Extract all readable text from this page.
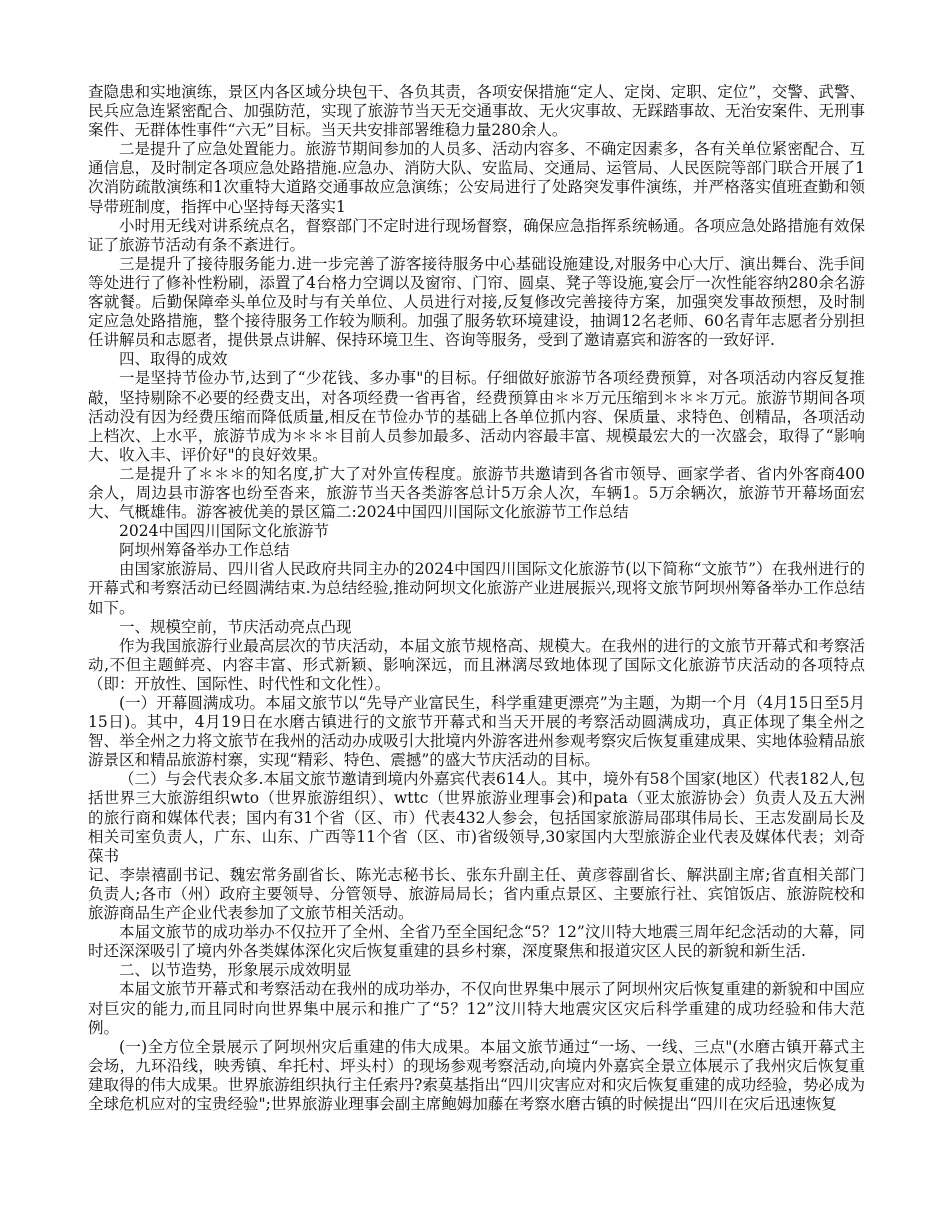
查隐患和实地演练，景区内各区域分块包干、各负其责，各项安保措施“定人、定岗、定职、定位”，交警、武警、民兵应急连紧密配合、加强防范，实现了旅游节当天无交通事故、无火灾事故、无踩踏事故、无治安案件、无刑事案件、无群体性事件“六无”目标。当天共安排部署维稳力量280余人。

二是提升了应急处置能力。旅游节期间参加的人员多、活动内容多、不确定因素多，各有关单位紧密配合、互通信息，及时制定各项应急处路措施.应急办、消防大队、安监局、交通局、运管局、人民医院等部门联合开展了1次消防疏散演练和1次重特大道路交通事故应急演练；公安局进行了处路突发事件演练，并严格落实值班查勤和领导带班制度，指挥中心坚持每天落实1

小时用无线对讲系统点名，督察部门不定时进行现场督察，确保应急指挥系统畅通。各项应急处路措施有效保证了旅游节活动有条不紊进行。

三是提升了接待服务能力.进一步完善了游客接待服务中心基础设施建设,对服务中心大厅、演出舞台、洗手间等处进行了修补性粉刷，添置了4台格力空调以及窗帘、门帘、圆桌、凳子等设施,宴会厅一次性能容纳280余名游客就餐。后勤保障牵头单位及时与有关单位、人员进行对接,反复修改完善接待方案，加强突发事故预想，及时制定应急处路措施，整个接待服务工作较为顺利。加强了服务软环境建设，抽调12名老师、60名青年志愿者分别担任讲解员和志愿者，提供景点讲解、保持环境卫生、咨询等服务，受到了邀请嘉宾和游客的一致好评.

四、取得的成效

一是坚持节俭办节,达到了“少花钱、多办事"的目标。仔细做好旅游节各项经费预算，对各项活动内容反复推敲，坚持剔除不必要的经费支出，对各项经费一省再省，经费预算由＊＊万元压缩到＊＊＊万元。旅游节期间各项活动没有因为经费压缩而降低质量,相反在节俭办节的基础上各单位抓内容、保质量、求特色、创精品，各项活动上档次、上水平，旅游节成为＊＊＊目前人员参加最多、活动内容最丰富、规模最宏大的一次盛会，取得了“影响大、收入丰、评价好"的良好效果。

二是提升了＊＊＊的知名度,扩大了对外宣传程度。旅游节共邀请到各省市领导、画家学者、省内外客商400余人，周边县市游客也纷至沓来，旅游节当天各类游客总计5万余人次，车辆1。5万余辆次，旅游节开幕场面宏大、气概雄伟。游客被优美的景区篇二:2024中国四川国际文化旅游节工作总结

2024中国四川国际文化旅游节

阿坝州筹备举办工作总结

由国家旅游局、四川省人民政府共同主办的2024中国四川国际文化旅游节(以下简称“文旅节”）在我州进行的开幕式和考察活动已经圆满结束.为总结经验,推动阿坝文化旅游产业进展振兴,现将文旅节阿坝州筹备举办工作总结如下。

一、规模空前，节庆活动亮点凸现

作为我国旅游行业最高层次的节庆活动，本届文旅节规格高、规模大。在我州的进行的文旅节开幕式和考察活动,不但主题鲜亮、内容丰富、形式新颖、影响深远，而且淋漓尽致地体现了国际文化旅游节庆活动的各项特点（即：开放性、国际性、时代性和文化性）。

(一）开幕圆满成功。本届文旅节以“先导产业富民生，科学重建更漂亮”为主题，为期一个月（4月15日至5月15日)。其中，4月19日在水磨古镇进行的文旅节开幕式和当天开展的考察活动圆满成功，真正体现了集全州之智、举全州之力将文旅节在我州的活动办成吸引大批境内外游客进州参观考察灾后恢复重建成果、实地体验精品旅游景区和精品旅游村寨，实现“精彩、特色、震撼”的盛大节庆活动的目标。

（二）与会代表众多.本届文旅节邀请到境内外嘉宾代表614人。其中，境外有58个国家(地区）代表182人,包括世界三大旅游组织wto（世界旅游组织）、wttc（世界旅游业理事会)和pata（亚太旅游协会）负责人及五大洲的旅行商和媒体代表；国内有31个省（区、市）代表432人参会，包括国家旅游局邵琪伟局长、王志发副局长及相关司室负责人，广东、山东、广西等11个省（区、市)省级领导,30家国内大型旅游企业代表及媒体代表；刘奇葆书

记、李崇禧副书记、魏宏常务副省长、陈光志秘书长、张东升副主任、黄彦蓉副省长、解洪副主席;省直相关部门负责人;各市（州）政府主要领导、分管领导、旅游局局长；省内重点景区、主要旅行社、宾馆饭店、旅游院校和旅游商品生产企业代表参加了文旅节相关活动。

本届文旅节的成功举办不仅拉开了全州、全省乃至全国纪念“5？12”汶川特大地震三周年纪念活动的大幕，同时还深深吸引了境内外各类媒体深化灾后恢复重建的县乡村寨，深度聚焦和报道灾区人民的新貌和新生活.

二、以节造势，形象展示成效明显

本届文旅节开幕式和考察活动在我州的成功举办，不仅向世界集中展示了阿坝州灾后恢复重建的新貌和中国应对巨灾的能力,而且同时向世界集中展示和推广了“5？12”汶川特大地震灾区灾后科学重建的成功经验和伟大范例。

(一)全方位全景展示了阿坝州灾后重建的伟大成果。本届文旅节通过“一场、一线、三点"(水磨古镇开幕式主会场，九环沿线，映秀镇、牟托村、坪头村）的现场参观考察活动,向境内外嘉宾全景立体展示了我州灾后恢复重建取得的伟大成果。世界旅游组织执行主任索丹?索莫基指出“四川灾害应对和灾后恢复重建的成功经验，势必成为全球危机应对的宝贵经验";世界旅游业理事会副主席鲍姆加藤在考察水磨古镇的时候提出“四川在灾后迅速恢复
